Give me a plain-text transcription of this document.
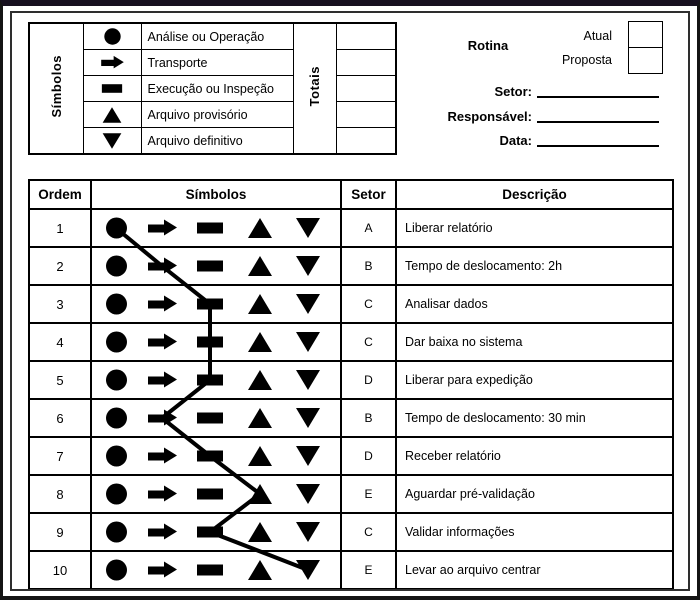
Símbolos		Análise ou Operação	Totais	

		Transporte		

		Execução ou Inspeção		

		Arquivo provisório		

		Arquivo definitivo		
Rotina
Atual
Proposta
Setor:
Responsável:
Data:
Ordem	Símbolos	Setor	Descrição
1		A	Liberar relatório
2		B	Tempo de deslocamento: 2h
3		C	Analisar dados
4		C	Dar baixa no sistema
5		D	Liberar para expedição
6		B	Tempo de deslocamento: 30 min
7		D	Receber relatório
8		E	Aguardar pré-validação
9		C	Validar informações
10		E	Levar ao arquivo centrar
